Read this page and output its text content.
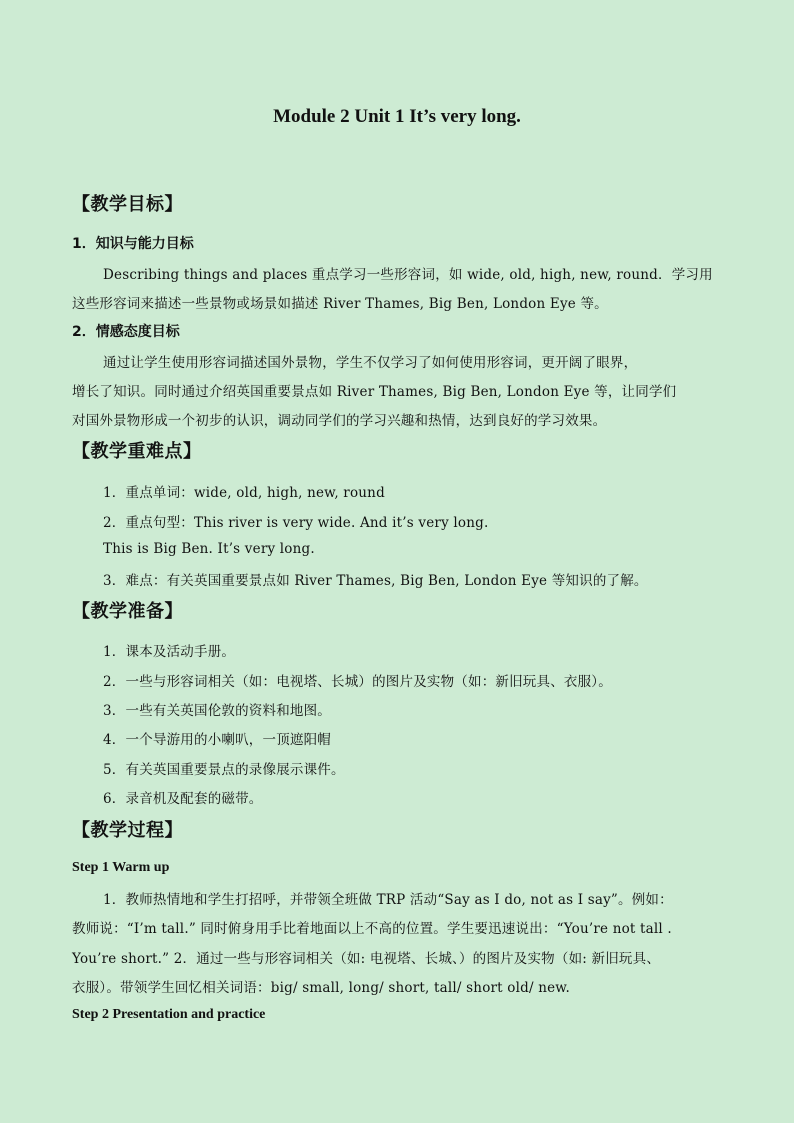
Module 2 Unit 1 It’s very long.
【教学目标】
1．知识与能力目标
Describing things and places 重点学习一些形容词，如 wide, old, high, new, round．学习用
这些形容词来描述一些景物或场景如描述 River Thames, Big Ben, London Eye 等。
2．情感态度目标
通过让学生使用形容词描述国外景物，学生不仅学习了如何使用形容词，更开阔了眼界，
增长了知识。同时通过介绍英国重要景点如 River Thames, Big Ben, London Eye 等，让同学们
对国外景物形成一个初步的认识，调动同学们的学习兴趣和热情，达到良好的学习效果。
【教学重难点】
1．重点单词：wide, old, high, new, round
2．重点句型：This river is very wide. And it’s very long.
This is Big Ben. It’s very long.
3．难点：有关英国重要景点如 River Thames, Big Ben, London Eye 等知识的了解。
【教学准备】
1．课本及活动手册。
2．一些与形容词相关（如：电视塔、长城）的图片及实物（如：新旧玩具、衣服）。
3．一些有关英国伦敦的资料和地图。
4．一个导游用的小喇叭，一顶遮阳帽
5．有关英国重要景点的录像展示课件。
6．录音机及配套的磁带。
【教学过程】
Step 1 Warm up
1．教师热情地和学生打招呼，并带领全班做 TRP 活动“Say as I do, not as I say”。例如：
教师说：“I’m tall.” 同时俯身用手比着地面以上不高的位置。学生要迅速说出：“You’re not tall .
You’re short.” 2．通过一些与形容词相关（如: 电视塔、长城、）的图片及实物（如: 新旧玩具、
衣服）。带领学生回忆相关词语：big/ small, long/ short, tall/ short old/ new.
Step 2 Presentation and practice
